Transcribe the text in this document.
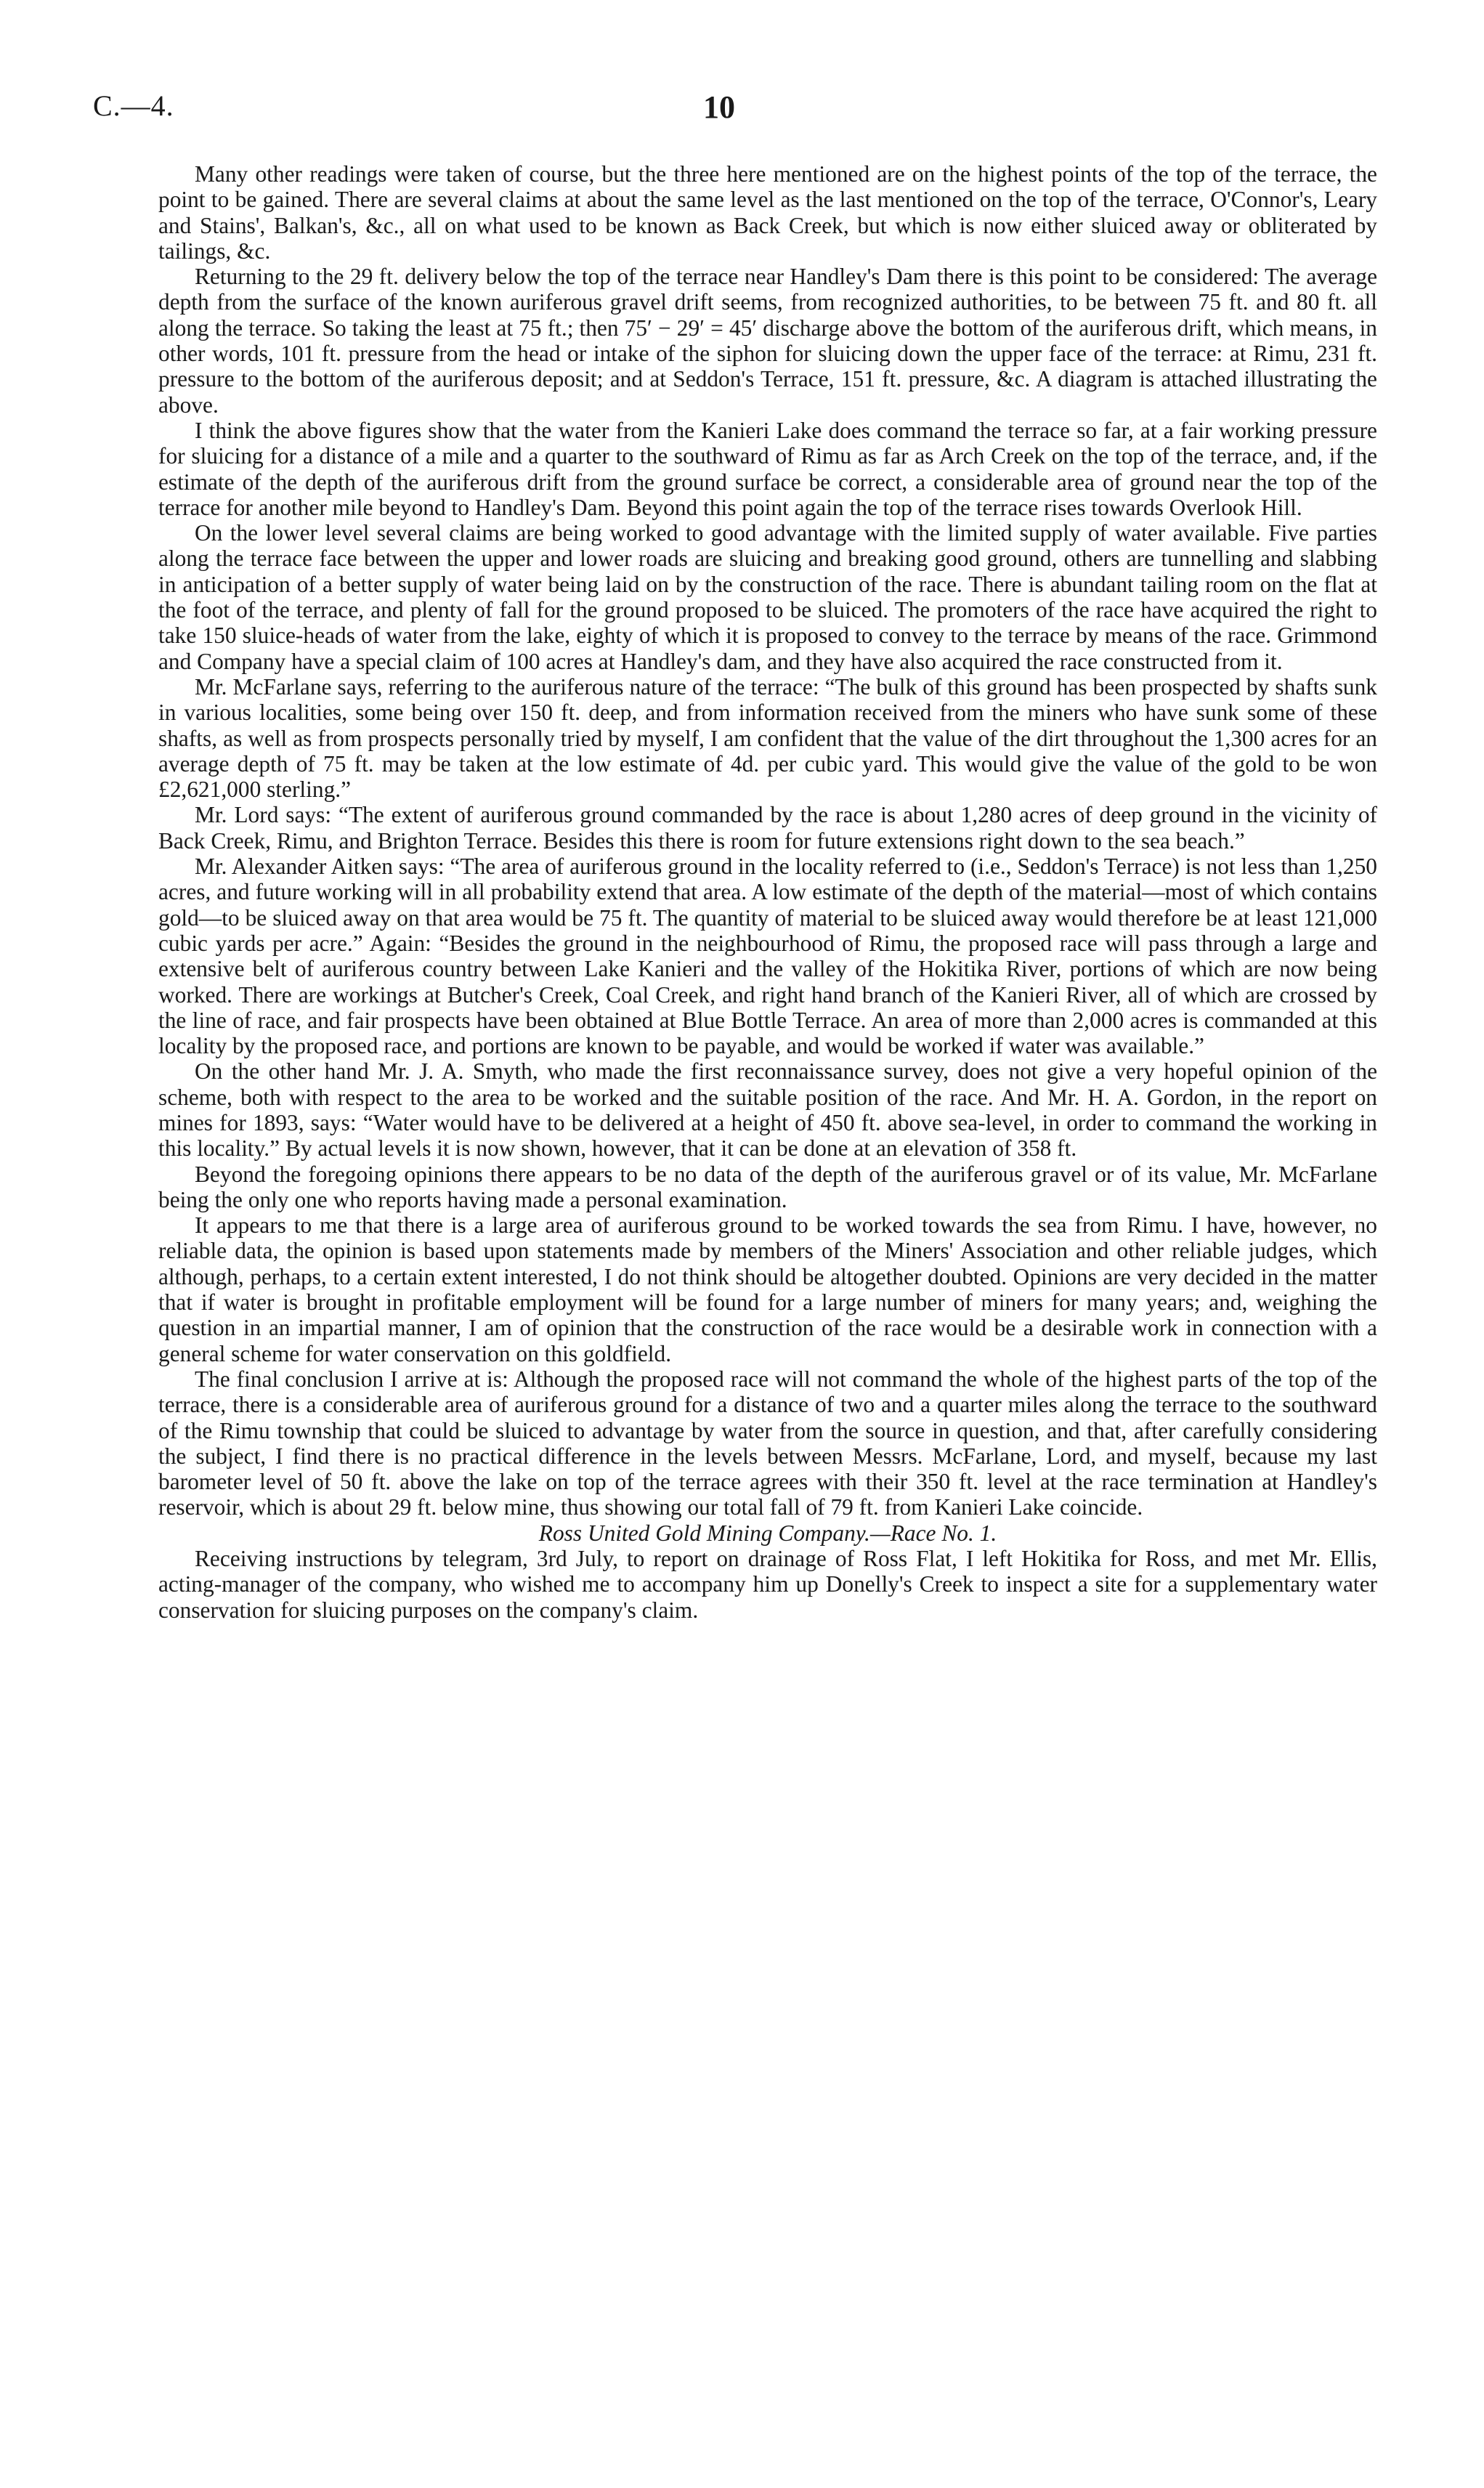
C.—4.	10

Many other readings were taken of course, but the three here mentioned are on the highest points of the top of the terrace, the point to be gained. There are several claims at about the same level as the last mentioned on the top of the terrace, O'Connor's, Leary and Stains', Balkan's, &c., all on what used to be known as Back Creek, but which is now either sluiced away or obliterated by tailings, &c.

Returning to the 29 ft. delivery below the top of the terrace near Handley's Dam there is this point to be considered: The average depth from the surface of the known auriferous gravel drift seems, from recognized authorities, to be between 75 ft. and 80 ft. all along the terrace. So taking the least at 75 ft.; then 75′ − 29′ = 45′ discharge above the bottom of the auriferous drift, which means, in other words, 101 ft. pressure from the head or intake of the siphon for sluicing down the upper face of the terrace: at Rimu, 231 ft. pressure to the bottom of the auriferous deposit; and at Seddon's Terrace, 151 ft. pressure, &c. A diagram is attached illustrating the above.

I think the above figures show that the water from the Kanieri Lake does command the terrace so far, at a fair working pressure for sluicing for a distance of a mile and a quarter to the southward of Rimu as far as Arch Creek on the top of the terrace, and, if the estimate of the depth of the auriferous drift from the ground surface be correct, a considerable area of ground near the top of the terrace for another mile beyond to Handley's Dam. Beyond this point again the top of the terrace rises towards Overlook Hill.

On the lower level several claims are being worked to good advantage with the limited supply of water available. Five parties along the terrace face between the upper and lower roads are sluicing and breaking good ground, others are tunnelling and slabbing in anticipation of a better supply of water being laid on by the construction of the race. There is abundant tailing room on the flat at the foot of the terrace, and plenty of fall for the ground proposed to be sluiced. The promoters of the race have acquired the right to take 150 sluice-heads of water from the lake, eighty of which it is proposed to convey to the terrace by means of the race. Grimmond and Company have a special claim of 100 acres at Handley's dam, and they have also acquired the race constructed from it.

Mr. McFarlane says, referring to the auriferous nature of the terrace: “The bulk of this ground has been prospected by shafts sunk in various localities, some being over 150 ft. deep, and from information received from the miners who have sunk some of these shafts, as well as from prospects personally tried by myself, I am confident that the value of the dirt throughout the 1,300 acres for an average depth of 75 ft. may be taken at the low estimate of 4d. per cubic yard. This would give the value of the gold to be won £2,621,000 sterling.”

Mr. Lord says: “The extent of auriferous ground commanded by the race is about 1,280 acres of deep ground in the vicinity of Back Creek, Rimu, and Brighton Terrace. Besides this there is room for future extensions right down to the sea beach.”

Mr. Alexander Aitken says: “The area of auriferous ground in the locality referred to (i.e., Seddon's Terrace) is not less than 1,250 acres, and future working will in all probability extend that area. A low estimate of the depth of the material—most of which contains gold—to be sluiced away on that area would be 75 ft. The quantity of material to be sluiced away would therefore be at least 121,000 cubic yards per acre.” Again: “Besides the ground in the neighbourhood of Rimu, the proposed race will pass through a large and extensive belt of auriferous country between Lake Kanieri and the valley of the Hokitika River, portions of which are now being worked. There are workings at Butcher's Creek, Coal Creek, and right hand branch of the Kanieri River, all of which are crossed by the line of race, and fair prospects have been obtained at Blue Bottle Terrace. An area of more than 2,000 acres is commanded at this locality by the proposed race, and portions are known to be payable, and would be worked if water was available.”

On the other hand Mr. J. A. Smyth, who made the first reconnaissance survey, does not give a very hopeful opinion of the scheme, both with respect to the area to be worked and the suitable position of the race. And Mr. H. A. Gordon, in the report on mines for 1893, says: “Water would have to be delivered at a height of 450 ft. above sea-level, in order to command the working in this locality.” By actual levels it is now shown, however, that it can be done at an elevation of 358 ft.

Beyond the foregoing opinions there appears to be no data of the depth of the auriferous gravel or of its value, Mr. McFarlane being the only one who reports having made a personal examination.

It appears to me that there is a large area of auriferous ground to be worked towards the sea from Rimu. I have, however, no reliable data, the opinion is based upon statements made by members of the Miners' Association and other reliable judges, which although, perhaps, to a certain extent interested, I do not think should be altogether doubted. Opinions are very decided in the matter that if water is brought in profitable employment will be found for a large number of miners for many years; and, weighing the question in an impartial manner, I am of opinion that the construction of the race would be a desirable work in connection with a general scheme for water conservation on this goldfield.

The final conclusion I arrive at is: Although the proposed race will not command the whole of the highest parts of the top of the terrace, there is a considerable area of auriferous ground for a distance of two and a quarter miles along the terrace to the southward of the Rimu township that could be sluiced to advantage by water from the source in question, and that, after carefully considering the subject, I find there is no practical difference in the levels between Messrs. McFarlane, Lord, and myself, because my last barometer level of 50 ft. above the lake on top of the terrace agrees with their 350 ft. level at the race termination at Handley's reservoir, which is about 29 ft. below mine, thus showing our total fall of 79 ft. from Kanieri Lake coincide.

Ross United Gold Mining Company.—Race No. 1.

Receiving instructions by telegram, 3rd July, to report on drainage of Ross Flat, I left Hokitika for Ross, and met Mr. Ellis, acting-manager of the company, who wished me to accompany him up Donelly's Creek to inspect a site for a supplementary water conservation for sluicing purposes on the company's claim.
